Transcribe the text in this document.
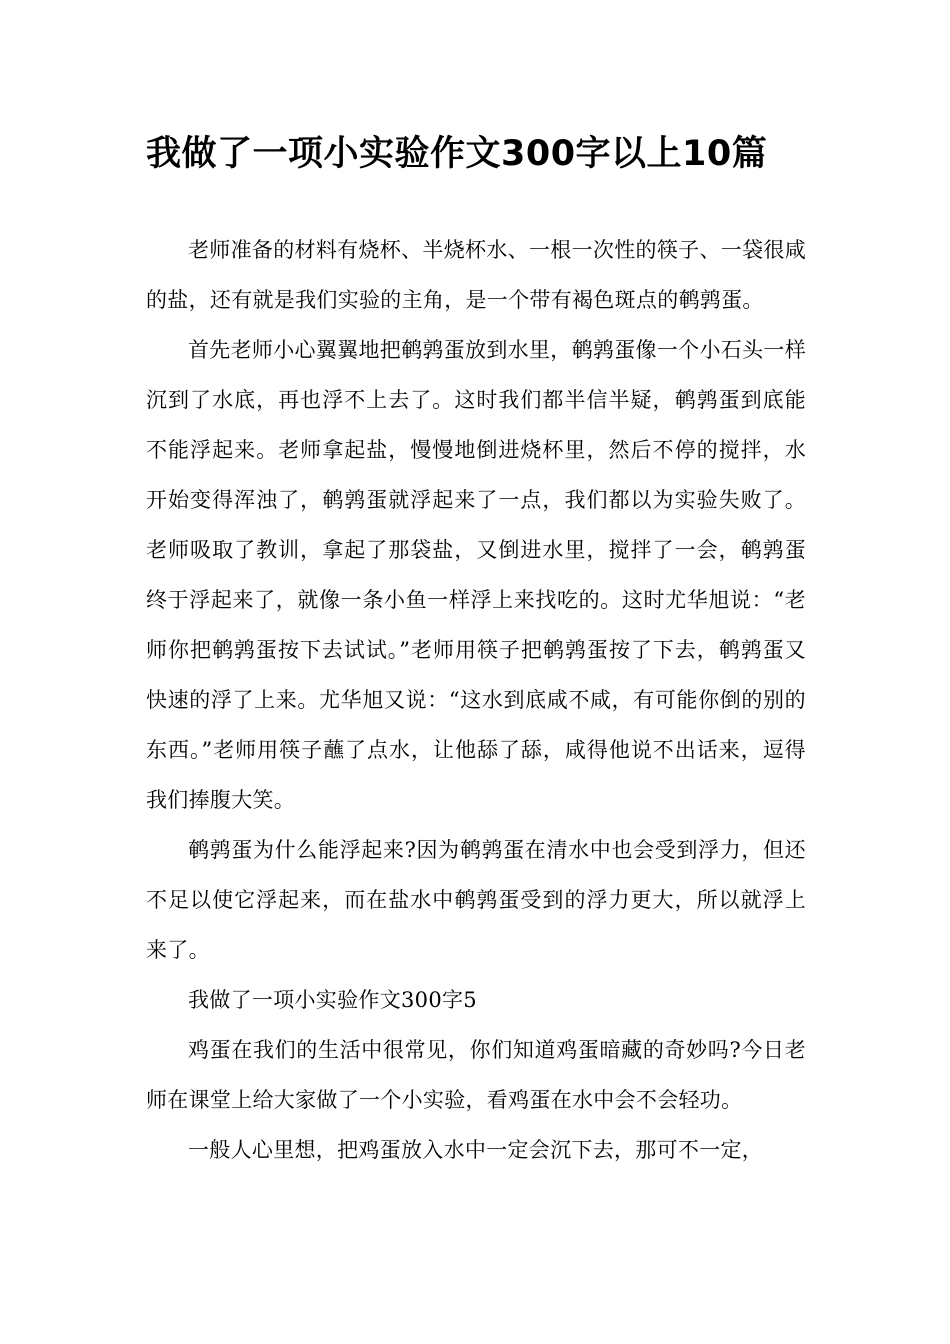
我做了一项小实验作文300字以上10篇

老师准备的材料有烧杯、半烧杯水、一根一次性的筷子、一袋很咸的盐，还有就是我们实验的主角，是一个带有褐色斑点的鹌鹑蛋。

首先老师小心翼翼地把鹌鹑蛋放到水里，鹌鹑蛋像一个小石头一样沉到了水底，再也浮不上去了。这时我们都半信半疑，鹌鹑蛋到底能不能浮起来。老师拿起盐，慢慢地倒进烧杯里，然后不停的搅拌，水开始变得浑浊了，鹌鹑蛋就浮起来了一点，我们都以为实验失败了。老师吸取了教训，拿起了那袋盐，又倒进水里，搅拌了一会，鹌鹑蛋终于浮起来了，就像一条小鱼一样浮上来找吃的。这时尤华旭说：“老师你把鹌鹑蛋按下去试试。”老师用筷子把鹌鹑蛋按了下去，鹌鹑蛋又快速的浮了上来。尤华旭又说：“这水到底咸不咸，有可能你倒的别的东西。”老师用筷子蘸了点水，让他舔了舔，咸得他说不出话来，逗得我们捧腹大笑。

鹌鹑蛋为什么能浮起来?因为鹌鹑蛋在清水中也会受到浮力，但还不足以使它浮起来，而在盐水中鹌鹑蛋受到的浮力更大，所以就浮上来了。

我做了一项小实验作文300字5

鸡蛋在我们的生活中很常见，你们知道鸡蛋暗藏的奇妙吗?今日老师在课堂上给大家做了一个小实验，看鸡蛋在水中会不会轻功。

一般人心里想，把鸡蛋放入水中一定会沉下去，那可不一定，
